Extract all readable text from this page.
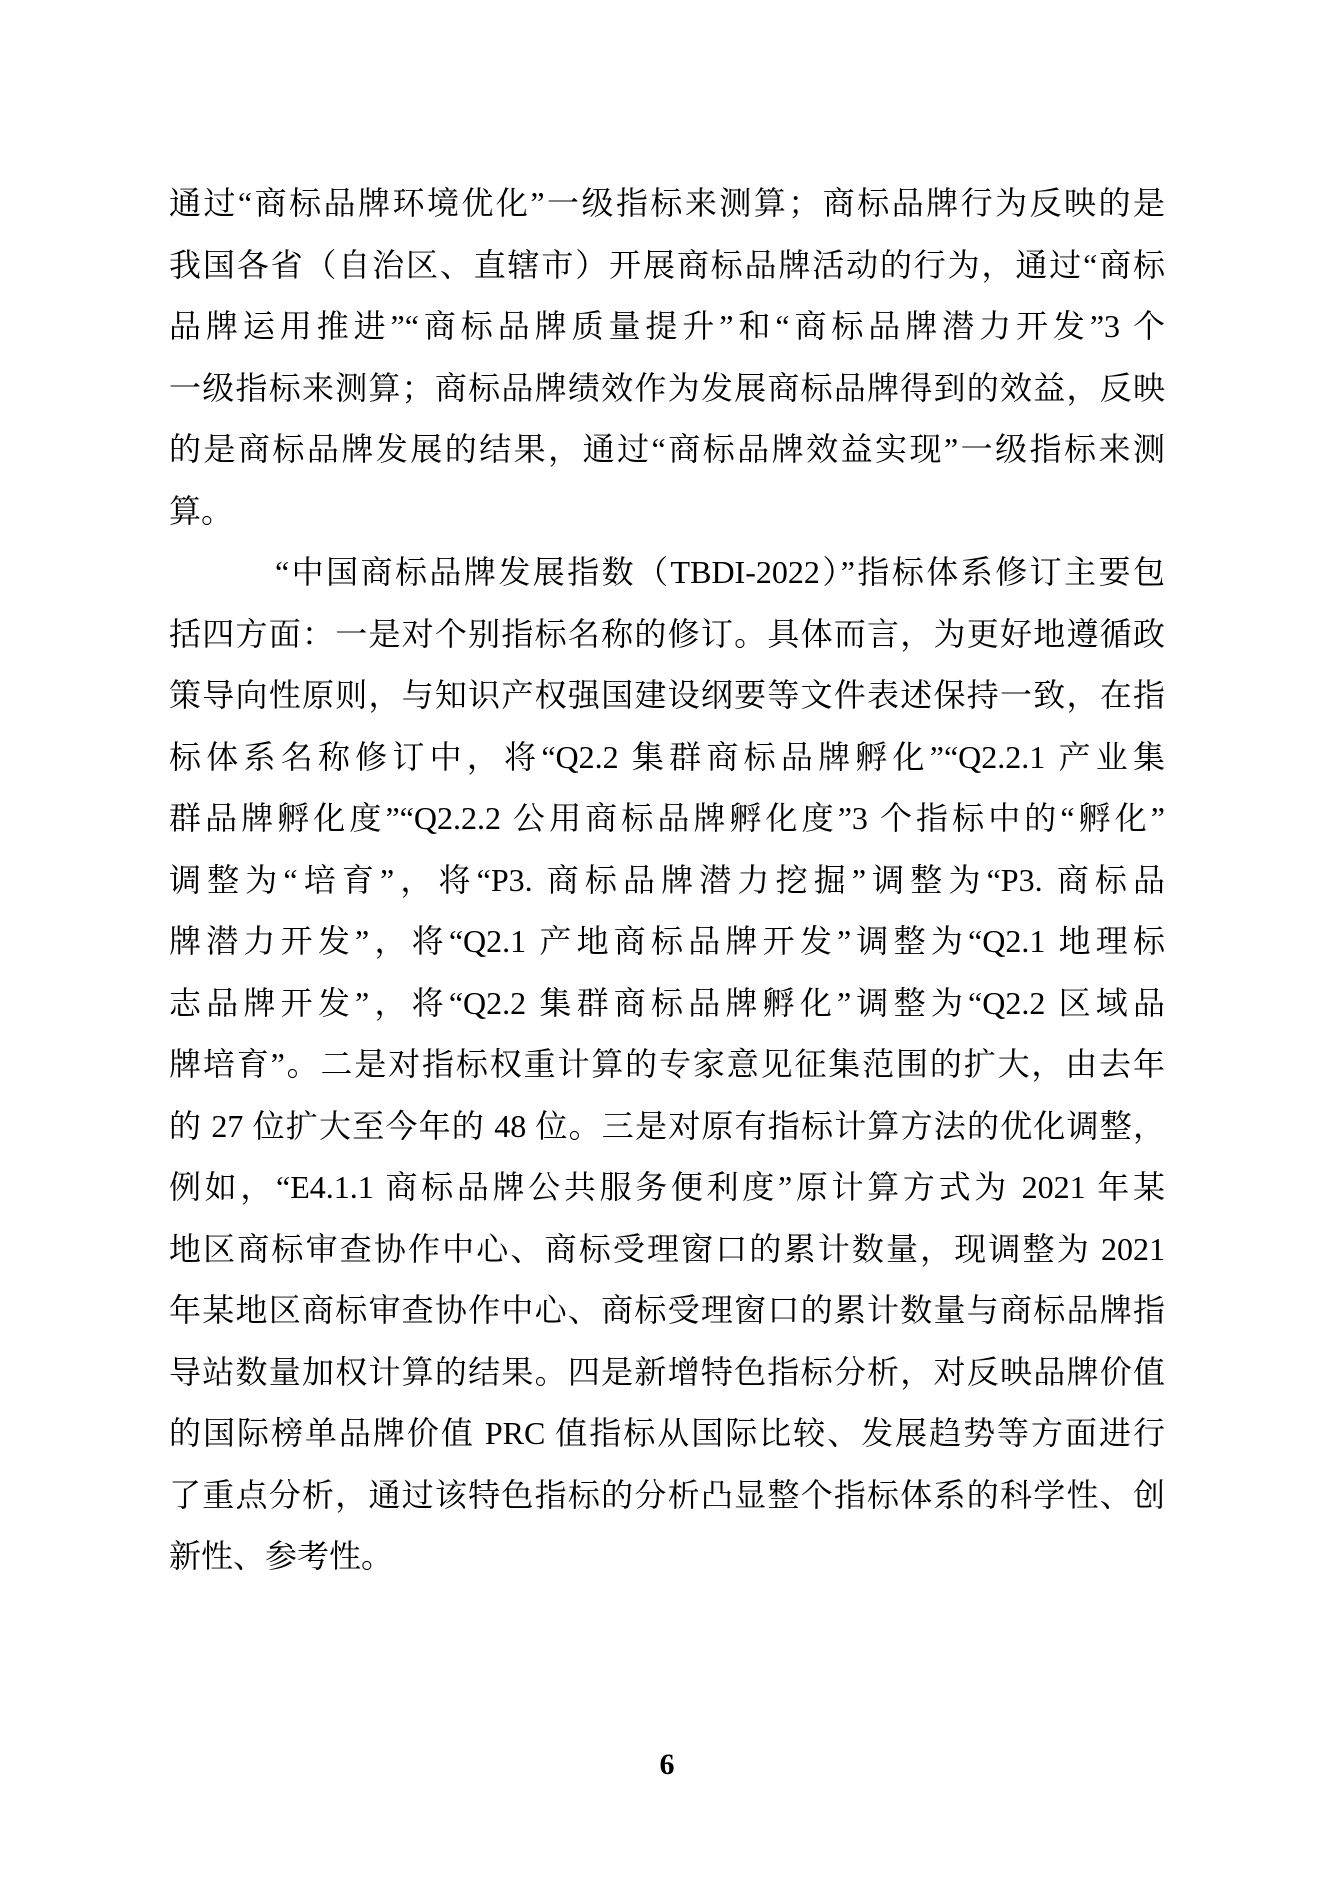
通过“商标品牌环境优化”一级指标来测算；商标品牌行为反映的是
我国各省（自治区、直辖市）开展商标品牌活动的行为，通过“商标
品牌运用推进”“商标品牌质量提升”和“商标品牌潜力开发”3 个
一级指标来测算；商标品牌绩效作为发展商标品牌得到的效益，反映
的是商标品牌发展的结果，通过“商标品牌效益实现”一级指标来测
算。
“中国商标品牌发展指数（TBDI-2022）”指标体系修订主要包
括四方面：一是对个别指标名称的修订。具体而言，为更好地遵循政
策导向性原则，与知识产权强国建设纲要等文件表述保持一致，在指
标体系名称修订中，将“Q2.2 集群商标品牌孵化”“Q2.2.1 产业集
群品牌孵化度”“Q2.2.2 公用商标品牌孵化度”3 个指标中的“孵化”
调整为“培育”，将“P3. 商标品牌潜力挖掘”调整为“P3. 商标品
牌潜力开发”，将“Q2.1 产地商标品牌开发”调整为“Q2.1 地理标
志品牌开发”，将“Q2.2 集群商标品牌孵化”调整为“Q2.2 区域品
牌培育”。二是对指标权重计算的专家意见征集范围的扩大，由去年
的 27 位扩大至今年的 48 位。三是对原有指标计算方法的优化调整，
例如，“E4.1.1 商标品牌公共服务便利度”原计算方式为 2021 年某
地区商标审查协作中心、商标受理窗口的累计数量，现调整为 2021
年某地区商标审查协作中心、商标受理窗口的累计数量与商标品牌指
导站数量加权计算的结果。四是新增特色指标分析，对反映品牌价值
的国际榜单品牌价值 PRC 值指标从国际比较、发展趋势等方面进行
了重点分析，通过该特色指标的分析凸显整个指标体系的科学性、创
新性、参考性。
6
